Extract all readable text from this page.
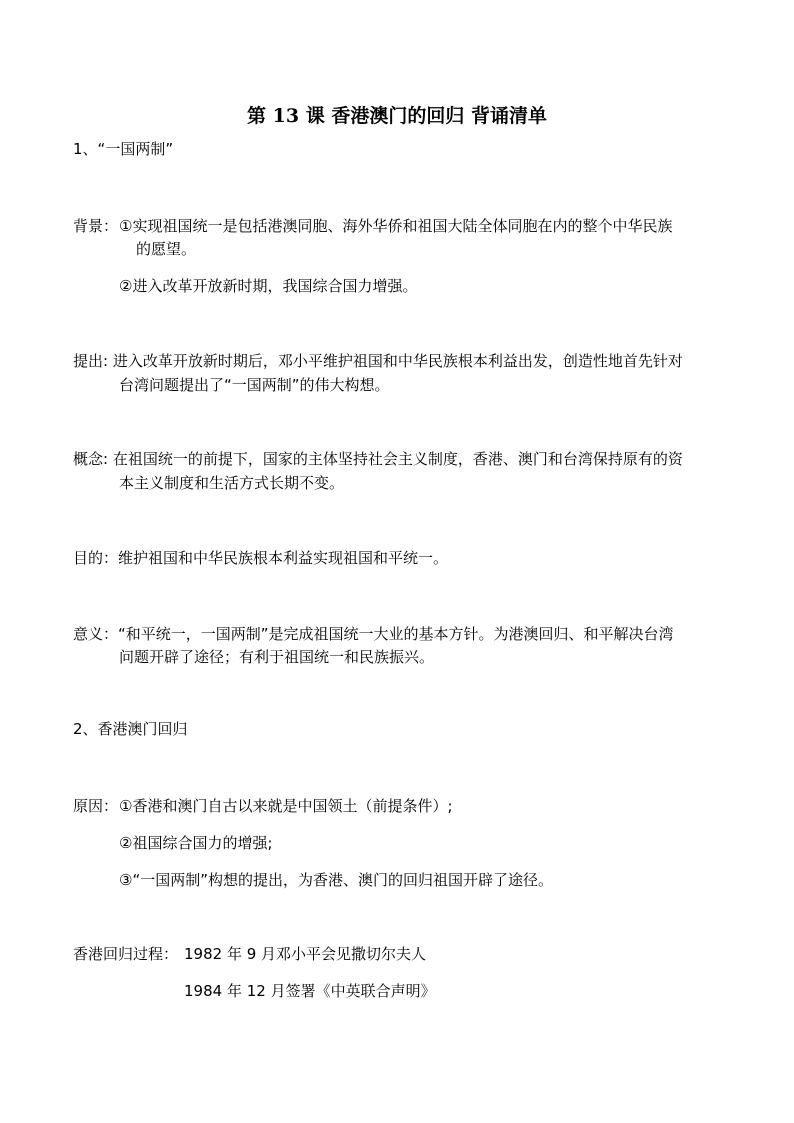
第 13 课 香港澳门的回归 背诵清单
1、“一国两制”
背景： ①实现祖国统一是包括港澳同胞、海外华侨和祖国大陆全体同胞在内的整个中华民族
的愿望。
②进入改革开放新时期，我国综合国力增强。
提出: 进入改革开放新时期后，邓小平维护祖国和中华民族根本利益出发，创造性地首先针对
台湾问题提出了“一国两制”的伟大构想。
概念: 在祖国统一的前提下，国家的主体坚持社会主义制度，香港、澳门和台湾保持原有的资
本主义制度和生活方式长期不变。
目的：维护祖国和中华民族根本利益实现祖国和平统一。
意义：“和平统一，一国两制”是完成祖国统一大业的基本方针。为港澳回归、和平解决台湾
问题开辟了途径；有利于祖国统一和民族振兴。
2、香港澳门回归
原因： ①香港和澳门自古以来就是中国领土（前提条件）;
②祖国综合国力的增强;
③“一国两制”构想的提出，为香港、澳门的回归祖国开辟了途径。
香港回归过程： 1982 年 9 月邓小平会见撒切尔夫人
1984 年 12 月签署《中英联合声明》
